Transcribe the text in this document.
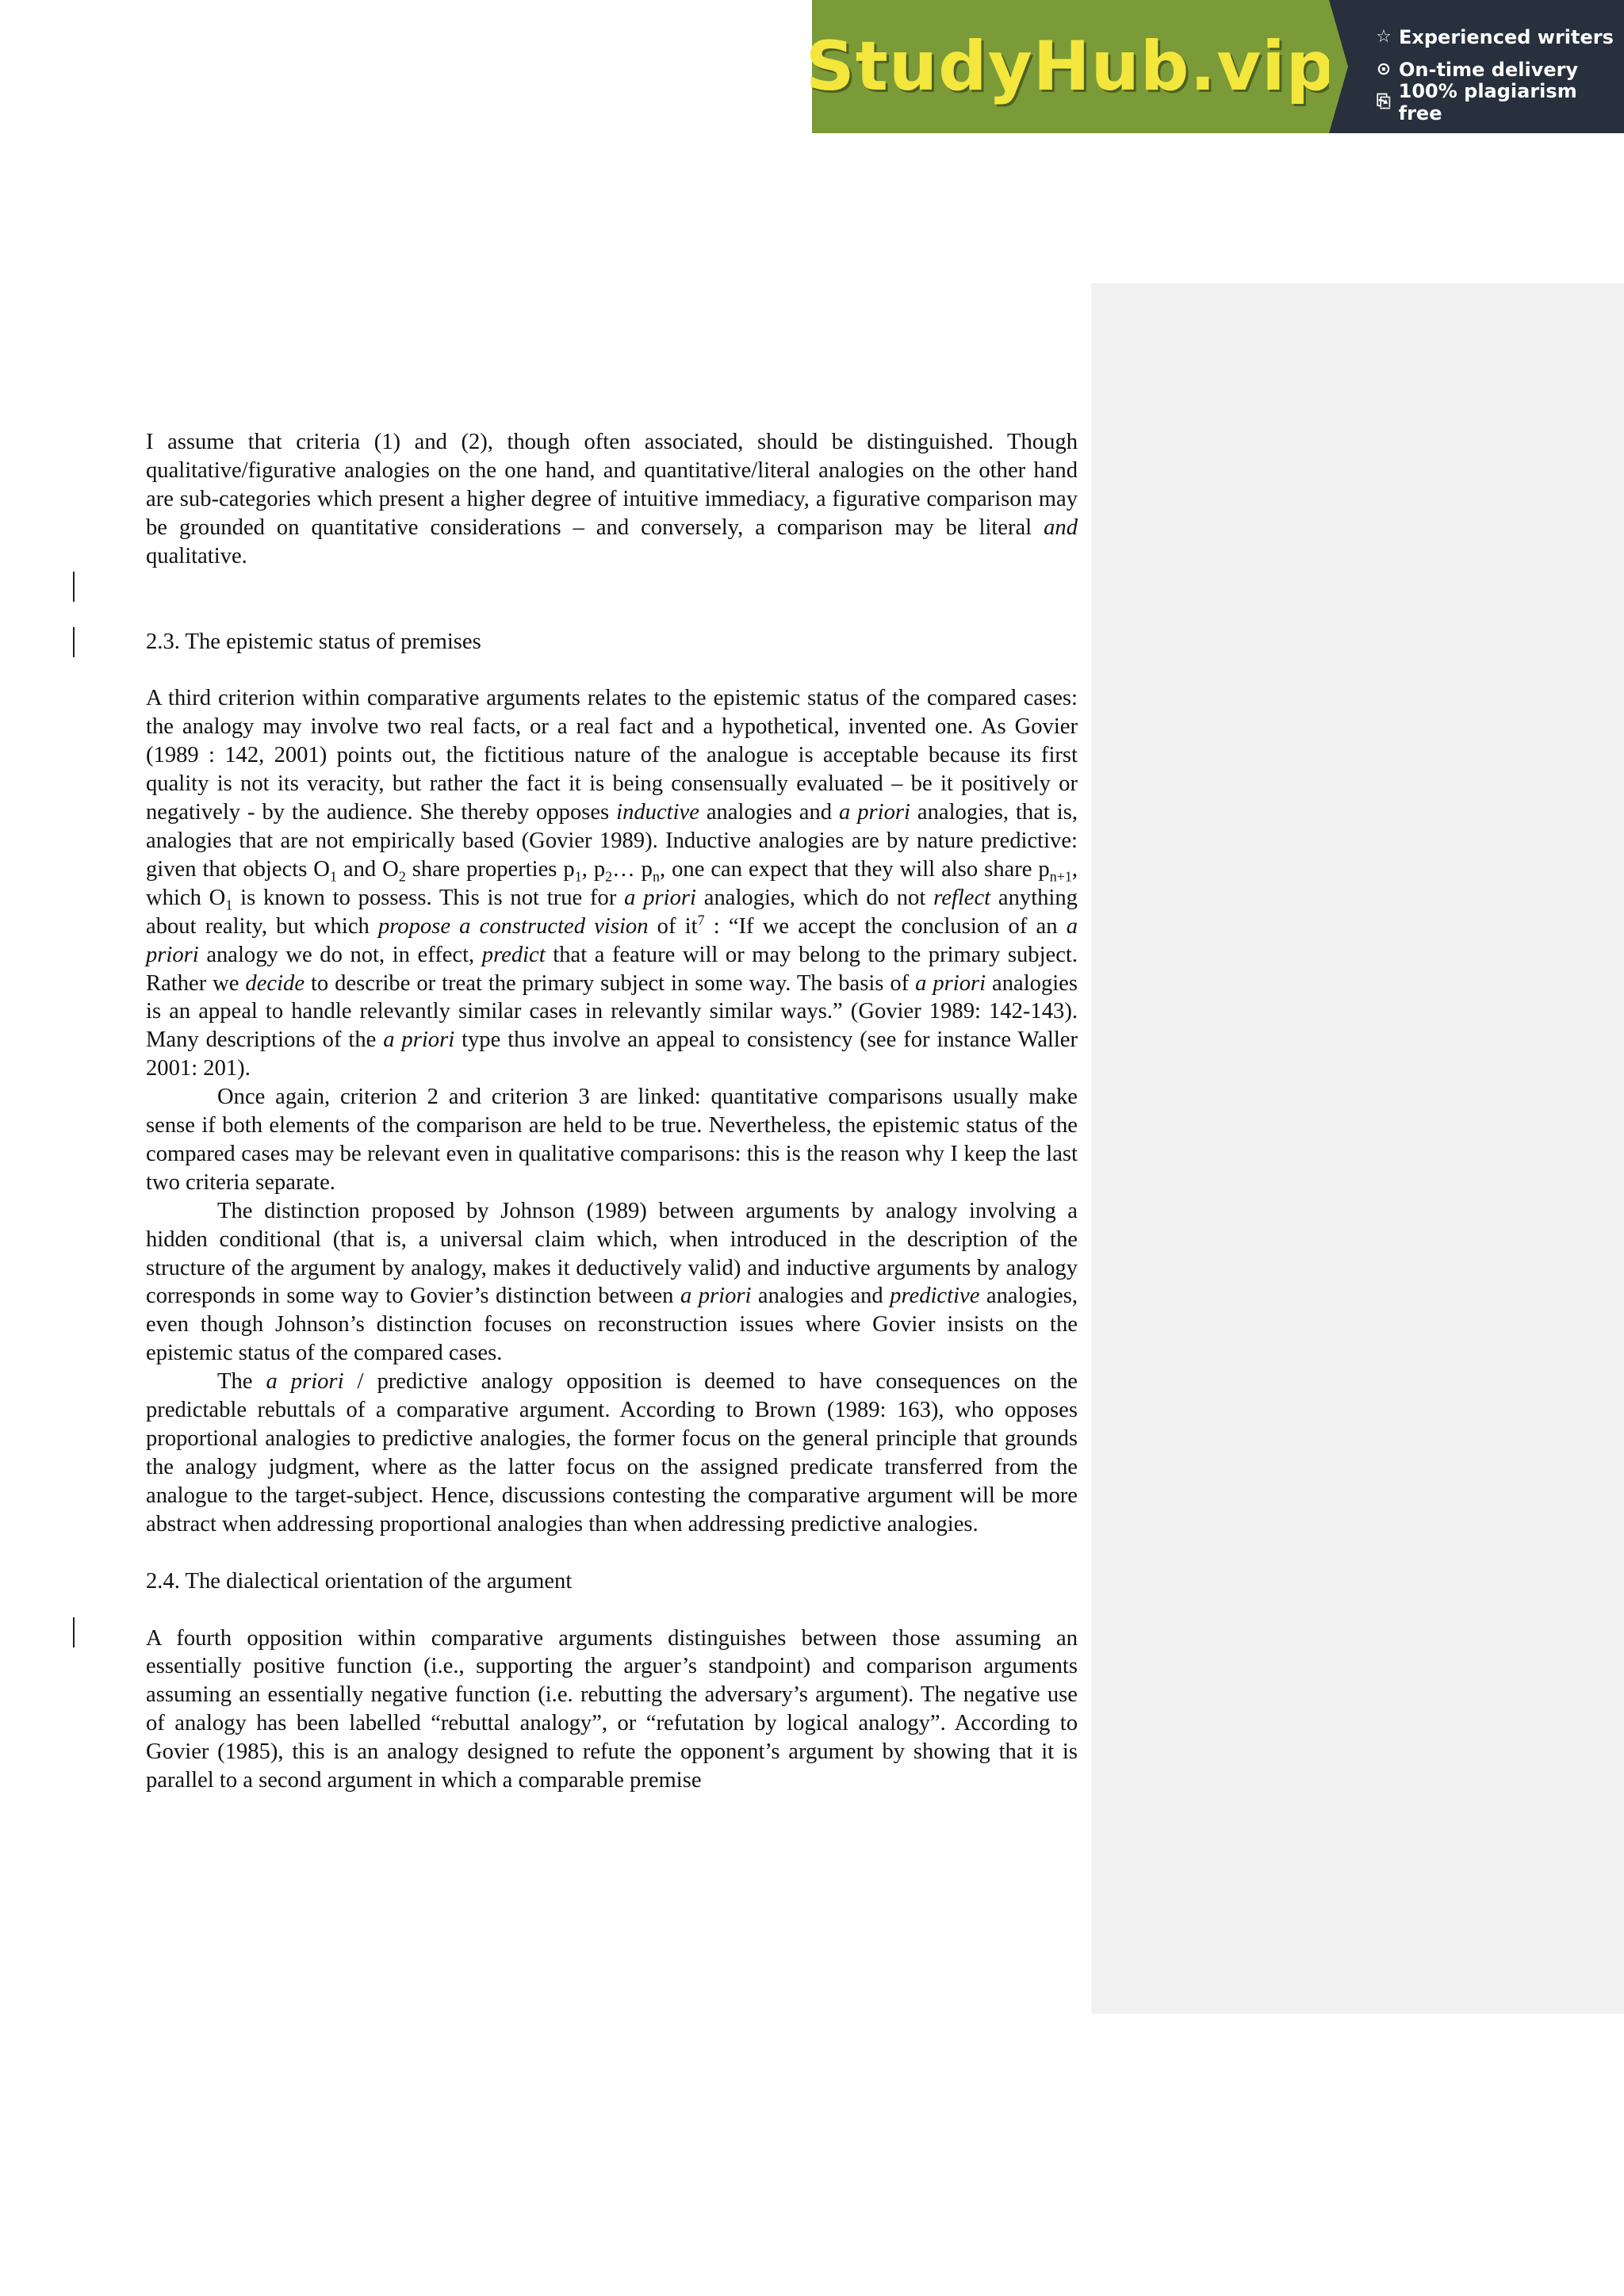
StudyHub.vip ☆ Experienced writers
⊙ On-time delivery
⎘ 100% plagiarism free

I assume that criteria (1) and (2), though often associated, should be distinguished. Though qualitative/figurative analogies on the one hand, and quantitative/literal analogies on the other hand are sub-categories which present a higher degree of intuitive immediacy, a figurative comparison may be grounded on quantitative considerations – and conversely, a comparison may be literal and qualitative.

2.3. The epistemic status of premises

A third criterion within comparative arguments relates to the epistemic status of the compared cases: the analogy may involve two real facts, or a real fact and a hypothetical, invented one. As Govier (1989 : 142, 2001) points out, the fictitious nature of the analogue is acceptable because its first quality is not its veracity, but rather the fact it is being consensually evaluated – be it positively or negatively - by the audience. She thereby opposes inductive analogies and a priori analogies, that is, analogies that are not empirically based (Govier 1989). Inductive analogies are by nature predictive: given that objects $O_1$ and $O_2$ share properties $p_1$, $p_2\dots$ $p_n$, one can expect that they will also share $p_{n+1}$, which $O_1$ is known to possess. This is not true for a priori analogies, which do not reflect anything about reality, but which propose a constructed vision of $it^7$ : “If we accept the conclusion of an a priori analogy we do not, in effect, predict that a feature will or may belong to the primary subject. Rather we decide to describe or treat the primary subject in some way. The basis of a priori analogies is an appeal to handle relevantly similar cases in relevantly similar ways.” (Govier 1989: 142-143). Many descriptions of the a priori type thus involve an appeal to consistency (see for instance Waller 2001: 201).

Once again, criterion 2 and criterion 3 are linked: quantitative comparisons usually make sense if both elements of the comparison are held to be true. Nevertheless, the epistemic status of the compared cases may be relevant even in qualitative comparisons: this is the reason why I keep the last two criteria separate.

The distinction proposed by Johnson (1989) between arguments by analogy involving a hidden conditional (that is, a universal claim which, when introduced in the description of the structure of the argument by analogy, makes it deductively valid) and inductive arguments by analogy corresponds in some way to Govier’s distinction between a priori analogies and predictive analogies, even though Johnson’s distinction focuses on reconstruction issues where Govier insists on the epistemic status of the compared cases.

The a priori / predictive analogy opposition is deemed to have consequences on the predictable rebuttals of a comparative argument. According to Brown (1989: 163), who opposes proportional analogies to predictive analogies, the former focus on the general principle that grounds the analogy judgment, where as the latter focus on the assigned predicate transferred from the analogue to the target-subject. Hence, discussions contesting the comparative argument will be more abstract when addressing proportional analogies than when addressing predictive analogies.

2.4. The dialectical orientation of the argument

A fourth opposition within comparative arguments distinguishes between those assuming an essentially positive function (i.e., supporting the arguer’s standpoint) and comparison arguments assuming an essentially negative function (i.e. rebutting the adversary’s argument). The negative use of analogy has been labelled “rebuttal analogy”, or “refutation by logical analogy”. According to Govier (1985), this is an analogy designed to refute the opponent’s argument by showing that it is parallel to a second argument in which a comparable premise
